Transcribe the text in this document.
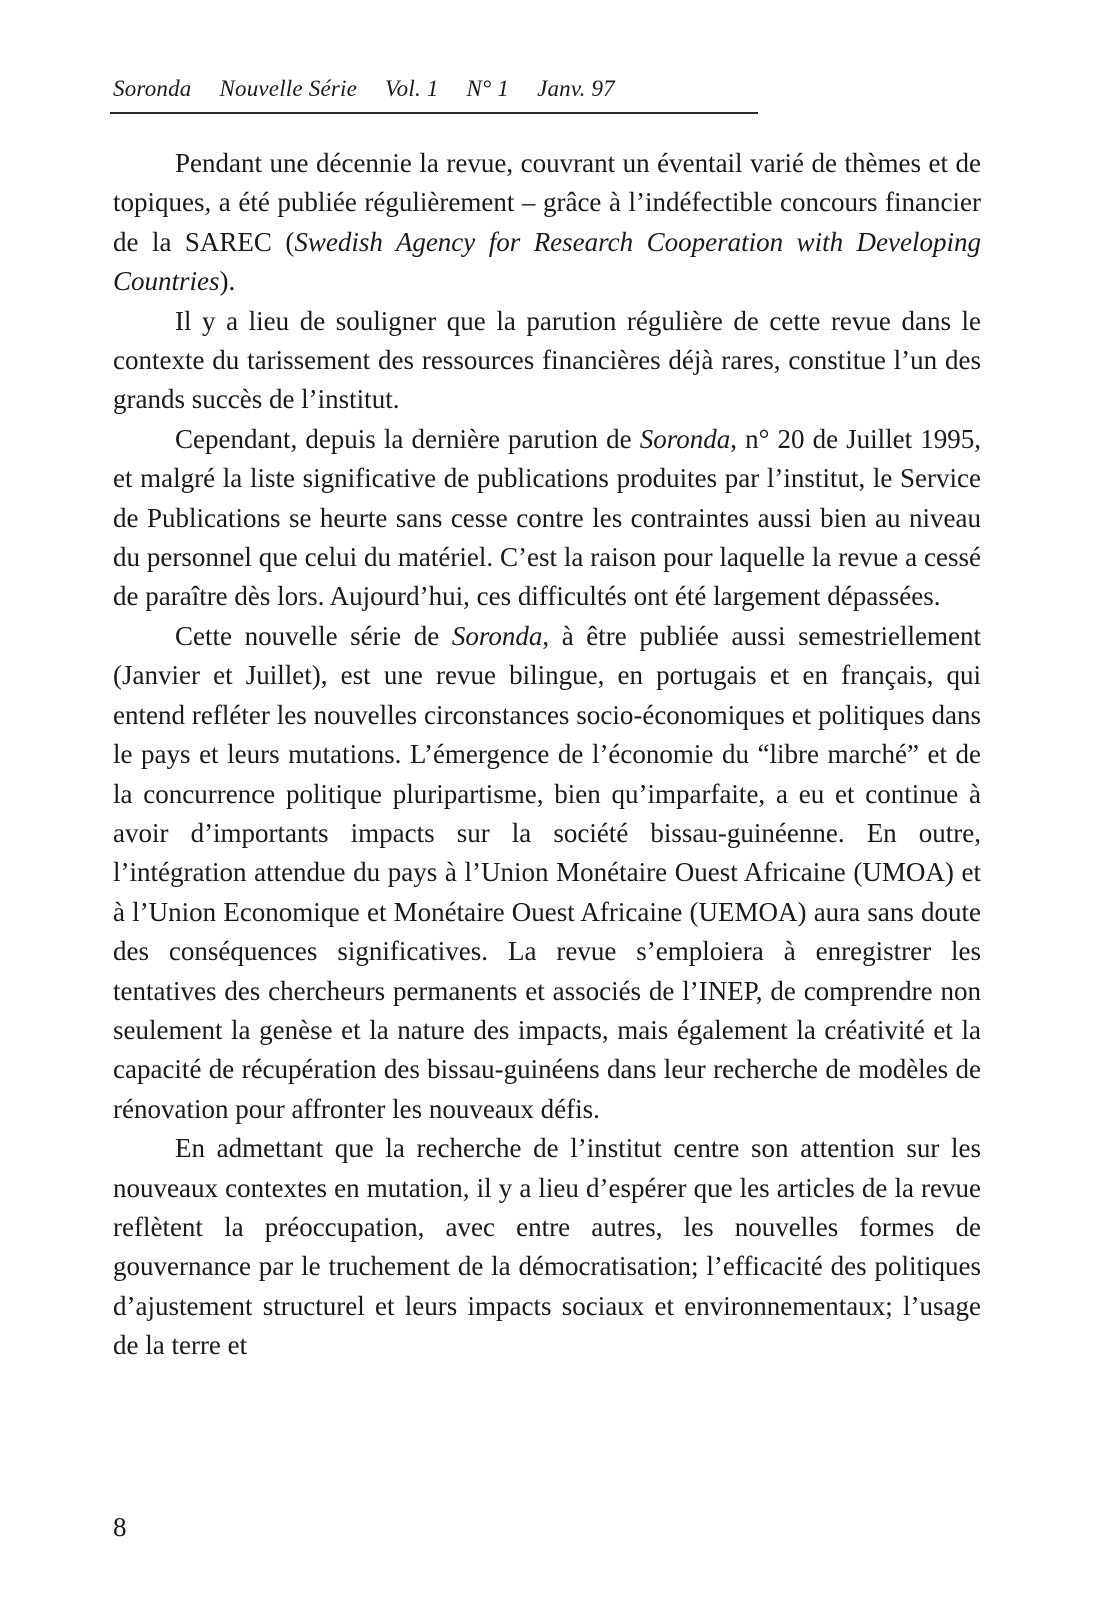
Soronda Nouvelle Série Vol. 1 N° 1 Janv. 97

Pendant une décennie la revue, couvrant un éventail varié de thèmes et de topiques, a été publiée régulièrement – grâce à l’indéfectible concours financier de la SAREC (Swedish Agency for Research Cooperation with Developing Countries).

Il y a lieu de souligner que la parution régulière de cette revue dans le contexte du tarissement des ressources financières déjà rares, constitue l’un des grands succès de l’institut.

Cependant, depuis la dernière parution de Soronda, n° 20 de Juillet 1995, et malgré la liste significative de publications produites par l’institut, le Service de Publications se heurte sans cesse contre les contraintes aussi bien au niveau du personnel que celui du matériel. C’est la raison pour laquelle la revue a cessé de paraître dès lors. Aujourd’hui, ces difficultés ont été largement dépassées.

Cette nouvelle série de Soronda, à être publiée aussi semestriellement (Janvier et Juillet), est une revue bilingue, en portugais et en français, qui entend refléter les nouvelles circonstances socio-économiques et politiques dans le pays et leurs mutations. L’émergence de l’économie du “libre marché” et de la concurrence politique pluripartisme, bien qu’imparfaite, a eu et continue à avoir d’importants impacts sur la société bissau-guinéenne. En outre, l’intégration attendue du pays à l’Union Monétaire Ouest Africaine (UMOA) et à l’Union Economique et Monétaire Ouest Africaine (UEMOA) aura sans doute des conséquences significatives. La revue s’emploiera à enregistrer les tentatives des chercheurs permanents et associés de l’INEP, de comprendre non seulement la genèse et la nature des impacts, mais également la créativité et la capacité de récupération des bissau-guinéens dans leur recherche de modèles de rénovation pour affronter les nouveaux défis.

En admettant que la recherche de l’institut centre son attention sur les nouveaux contextes en mutation, il y a lieu d’espérer que les articles de la revue reflètent la préoccupation, avec entre autres, les nouvelles formes de gouvernance par le truchement de la démocratisation; l’efficacité des politiques d’ajustement structurel et leurs impacts sociaux et environnementaux; l’usage de la terre et

8
